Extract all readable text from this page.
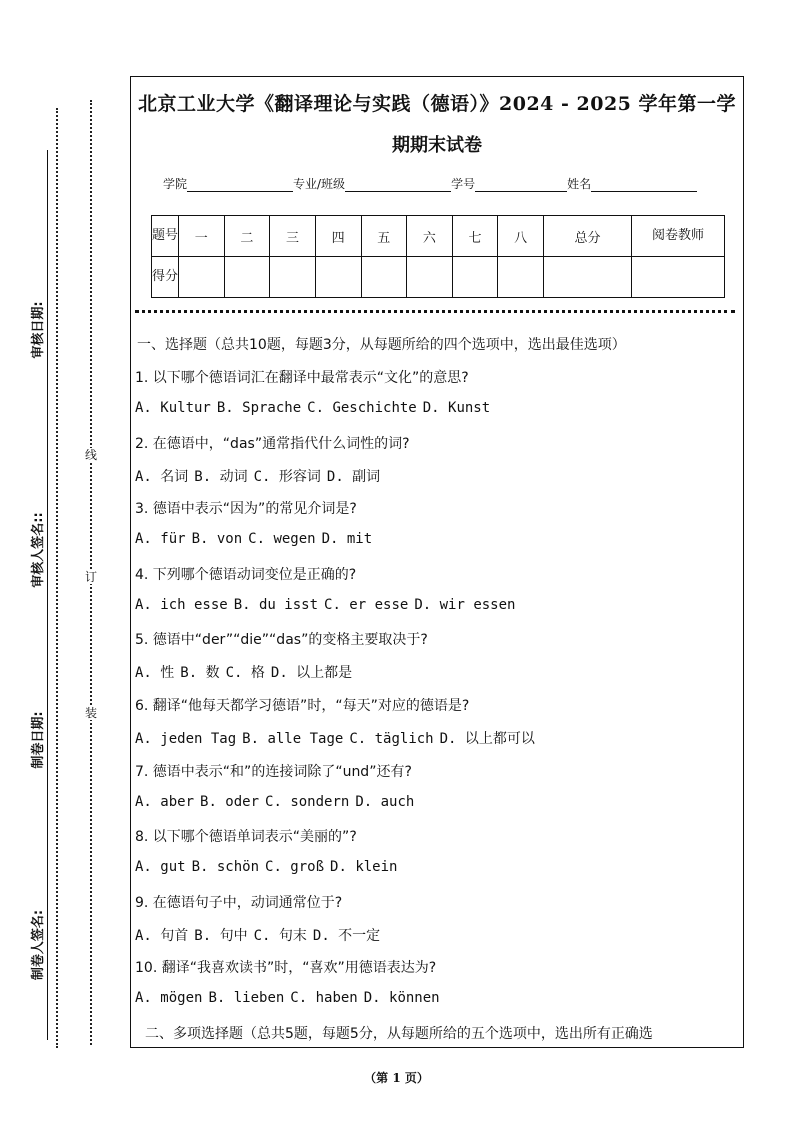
审核日期:
审核人签名::
制卷日期:
制卷人签名:
线
订
装
北京工业大学《翻译理论与实践（德语）》2024 - 2025 学年第一学
期期末试卷
学院	专业/班级	学号	姓名
题号	一	二	三	四	五	六	七	八	总分	阅卷教师
得分										
一、选择题（总共10题，每题3分，从每题所给的四个选项中，选出最佳选项）
1. 以下哪个德语词汇在翻译中最常表示“文化”的意思?
A. Kultur B. Sprache C. Geschichte D. Kunst
2. 在德语中，“das”通常指代什么词性的词?
A. 名词 B. 动词 C. 形容词 D. 副词
3. 德语中表示“因为”的常见介词是?
A. für B. von C. wegen D. mit
4. 下列哪个德语动词变位是正确的?
A. ich esse B. du isst C. er esse D. wir essen
5. 德语中“der”“die”“das”的变格主要取决于?
A. 性 B. 数 C. 格 D. 以上都是
6. 翻译“他每天都学习德语”时，“每天”对应的德语是?
A. jeden Tag B. alle Tage C. täglich D. 以上都可以
7. 德语中表示“和”的连接词除了“und”还有?
A. aber B. oder C. sondern D. auch
8. 以下哪个德语单词表示“美丽的”?
A. gut B. schön C. groß D. klein
9. 在德语句子中，动词通常位于?
A. 句首 B. 句中 C. 句末 D. 不一定
10. 翻译“我喜欢读书”时，“喜欢”用德语表达为?
A. mögen B. lieben C. haben D. können
二、多项选择题（总共5题，每题5分，从每题所给的五个选项中，选出所有正确选
（第 1 页）
